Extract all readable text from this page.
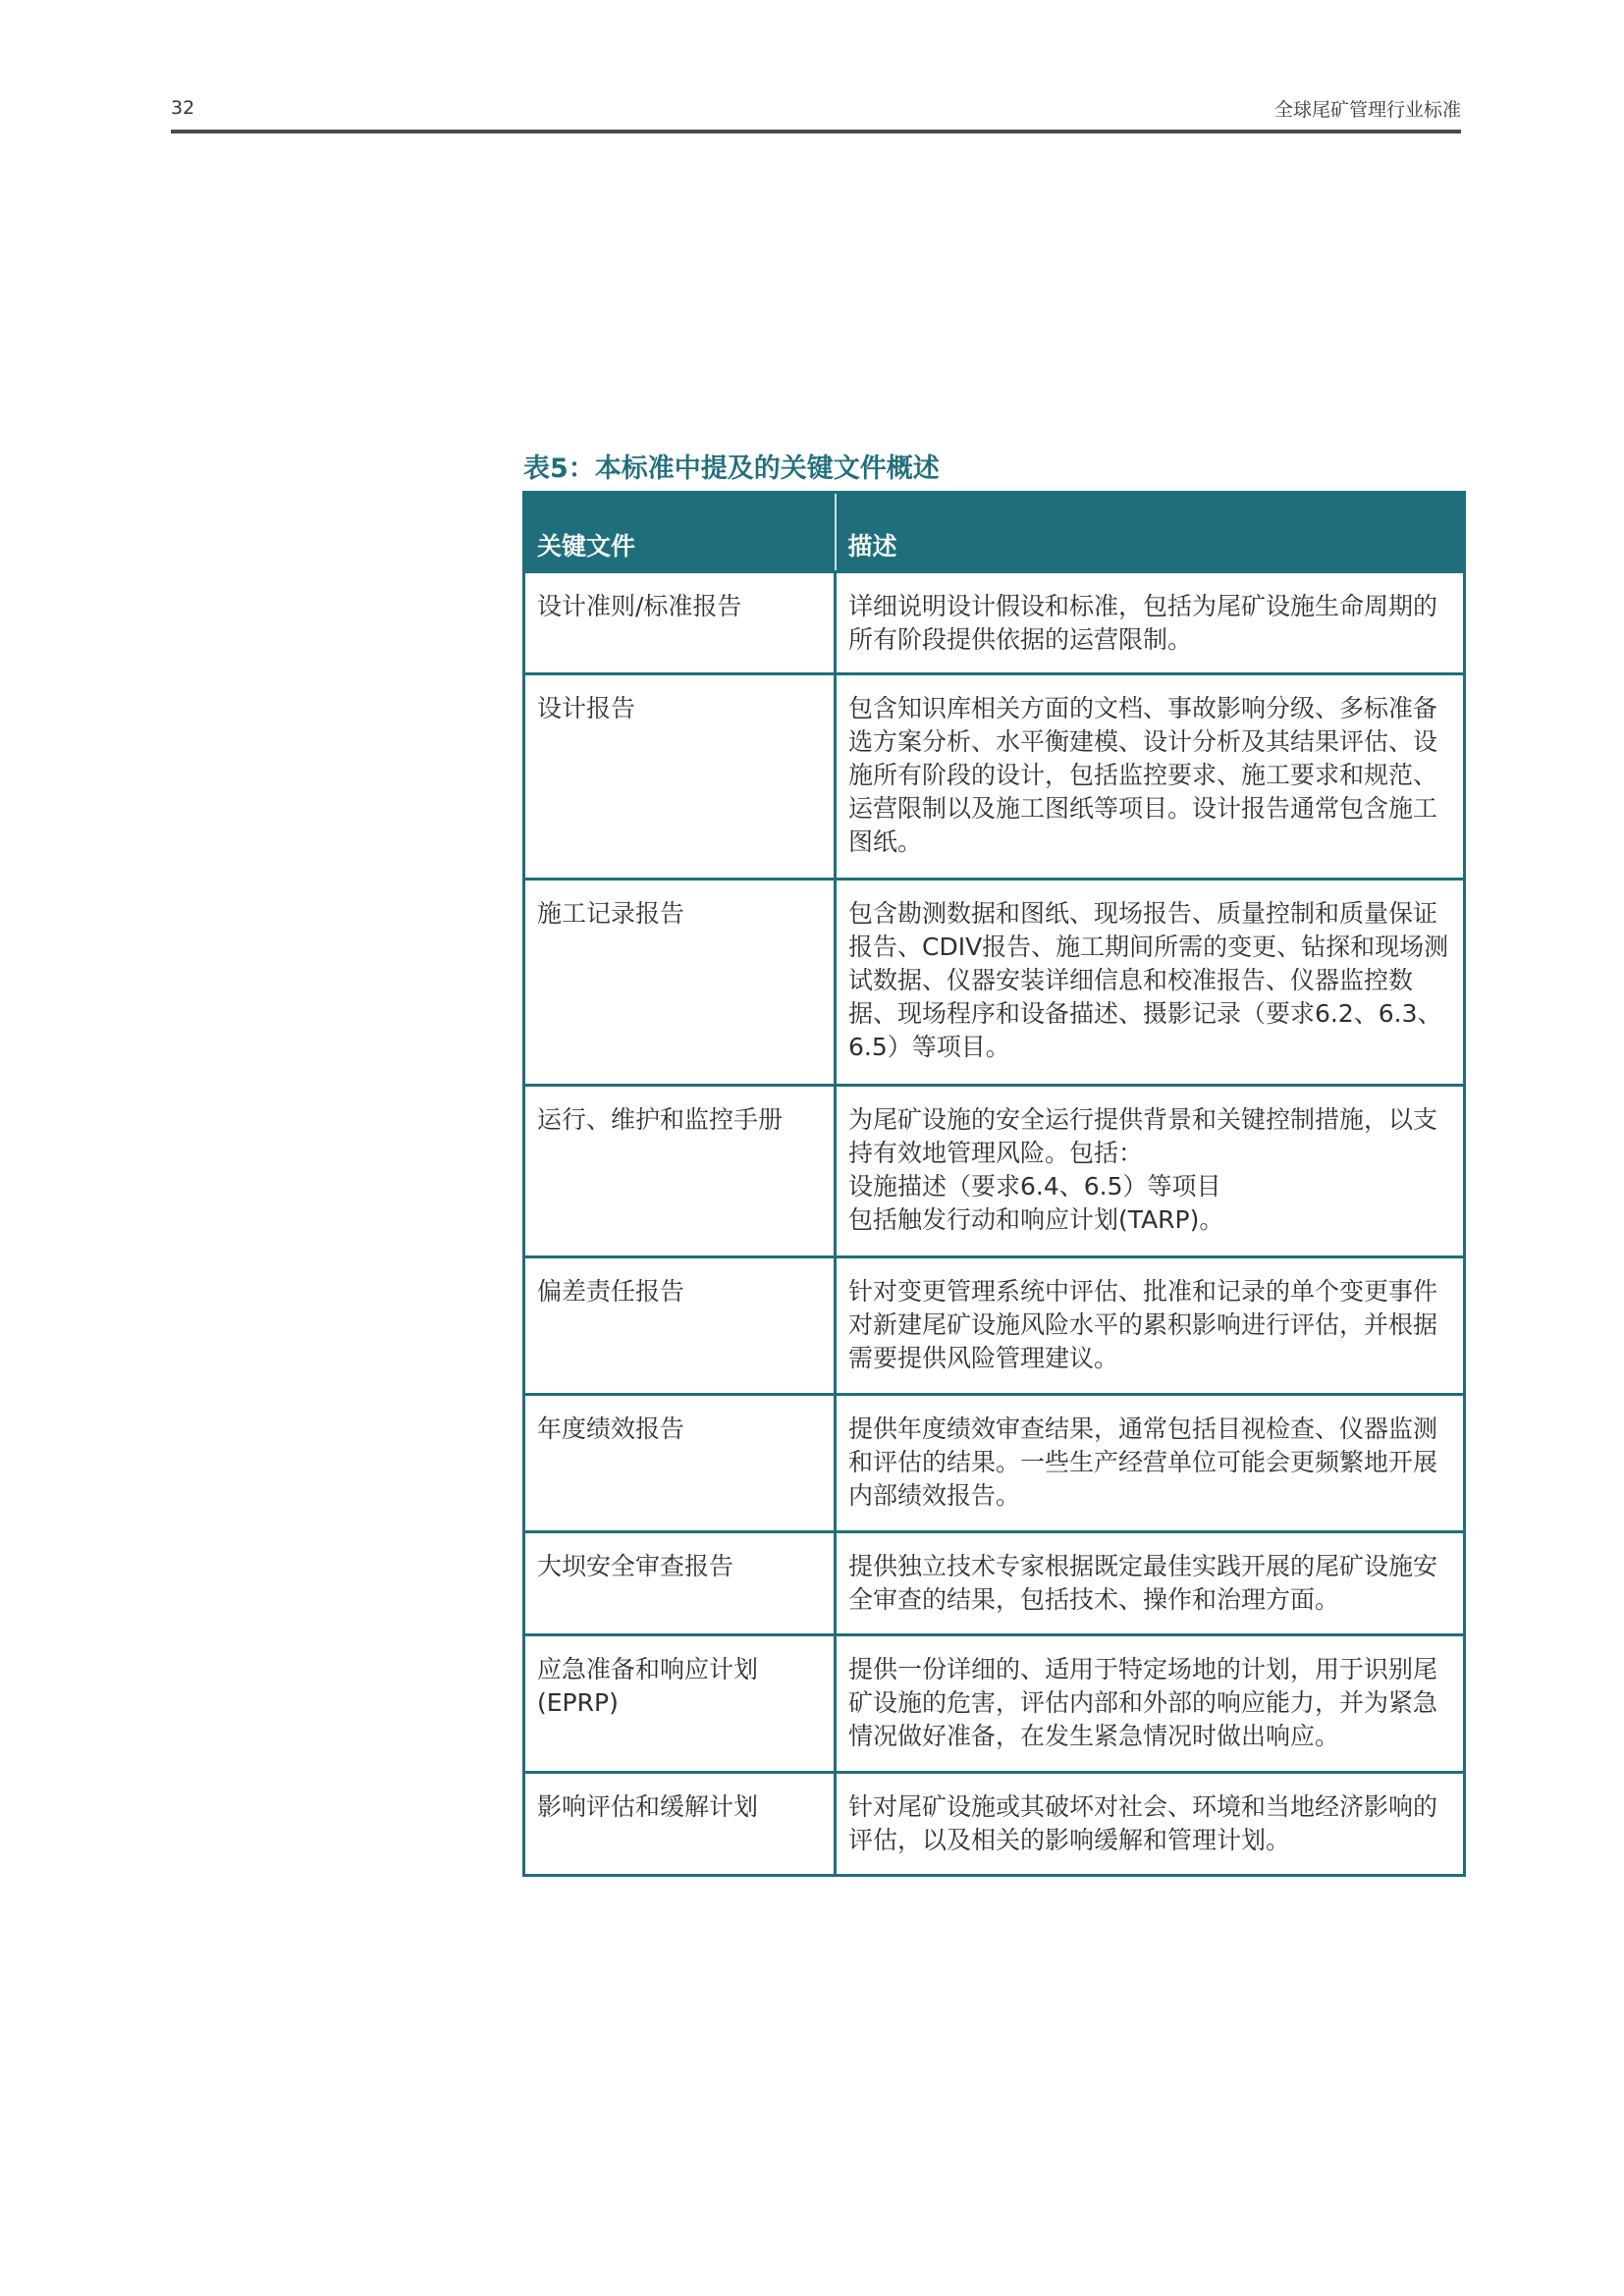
32	全球尾矿管理行业标准
表5：本标准中提及的关键文件概述
关键文件	描述
设计准则/标准报告	详细说明设计假设和标准，包括为尾矿设施生命周期的所有阶段提供依据的运营限制。
设计报告	包含知识库相关方面的文档、事故影响分级、多标准备选方案分析、水平衡建模、设计分析及其结果评估、设施所有阶段的设计，包括监控要求、施工要求和规范、运营限制以及施工图纸等项目。设计报告通常包含施工图纸。
施工记录报告	包含勘测数据和图纸、现场报告、质量控制和质量保证报告、CDIV报告、施工期间所需的变更、钻探和现场测试数据、仪器安装详细信息和校准报告、仪器监控数据、现场程序和设备描述、摄影记录（要求6.2、6.3、6.5）等项目。
运行、维护和监控手册	为尾矿设施的安全运行提供背景和关键控制措施，以支持有效地管理风险。包括：
设施描述（要求6.4、6.5）等项目
包括触发行动和响应计划(TARP)。
偏差责任报告	针对变更管理系统中评估、批准和记录的单个变更事件对新建尾矿设施风险水平的累积影响进行评估，并根据需要提供风险管理建议。
年度绩效报告	提供年度绩效审查结果，通常包括目视检查、仪器监测和评估的结果。一些生产经营单位可能会更频繁地开展内部绩效报告。
大坝安全审查报告	提供独立技术专家根据既定最佳实践开展的尾矿设施安全审查的结果，包括技术、操作和治理方面。
应急准备和响应计划(EPRP)	提供一份详细的、适用于特定场地的计划，用于识别尾矿设施的危害，评估内部和外部的响应能力，并为紧急情况做好准备，在发生紧急情况时做出响应。
影响评估和缓解计划	针对尾矿设施或其破坏对社会、环境和当地经济影响的评估，以及相关的影响缓解和管理计划。
